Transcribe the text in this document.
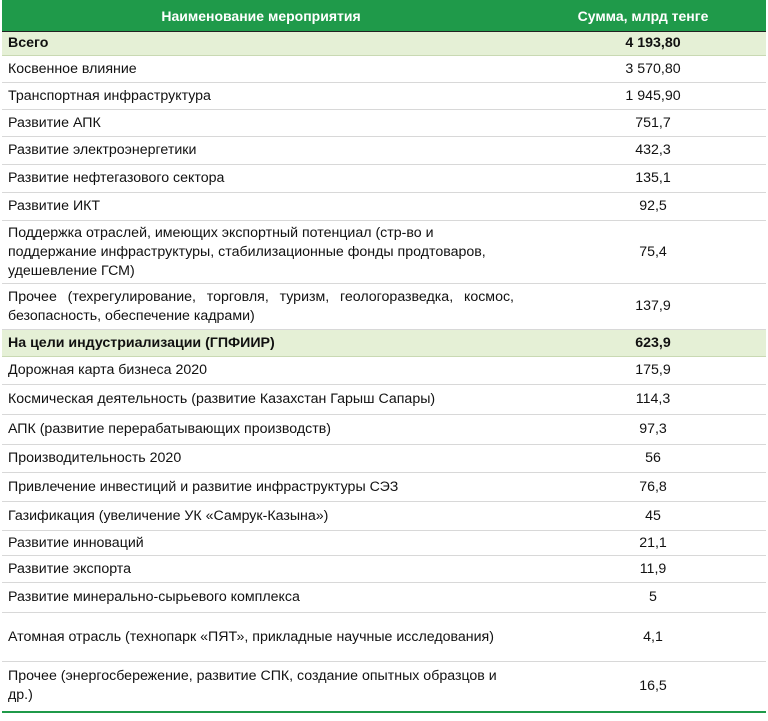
Наименование мероприятия	Сумма, млрд тенге
Всего	4 193,80
Косвенное влияние	3 570,80
Транспортная инфраструктура	1 945,90
Развитие АПК	751,7
Развитие электроэнергетики	432,3
Развитие нефтегазового сектора	135,1
Развитие ИКТ	92,5
Поддержка отраслей, имеющих экспортный потенциал (стр-во и поддержание инфраструктуры, стабилизационные фонды продтоваров, удешевление ГСМ)	75,4
Прочее (техрегулирование, торговля, туризм, геологоразведка, космос, безопасность, обеспечение кадрами)	137,9
На цели индустриализации (ГПФИИР)	623,9
Дорожная карта бизнеса 2020	175,9
Космическая деятельность (развитие Казахстан Гарыш Сапары)	114,3
АПК (развитие перерабатывающих производств)	97,3
Производительность 2020	56
Привлечение инвестиций и развитие инфраструктуры СЭЗ	76,8
Газификация (увеличение УК «Самрук-Казына»)	45
Развитие инноваций	21,1
Развитие экспорта	11,9
Развитие минерально-сырьевого комплекса	5
Атомная отрасль (технопарк «ПЯТ», прикладные научные исследования)	4,1
Прочее (энергосбережение, развитие СПК, создание опытных образцов и др.)	16,5
